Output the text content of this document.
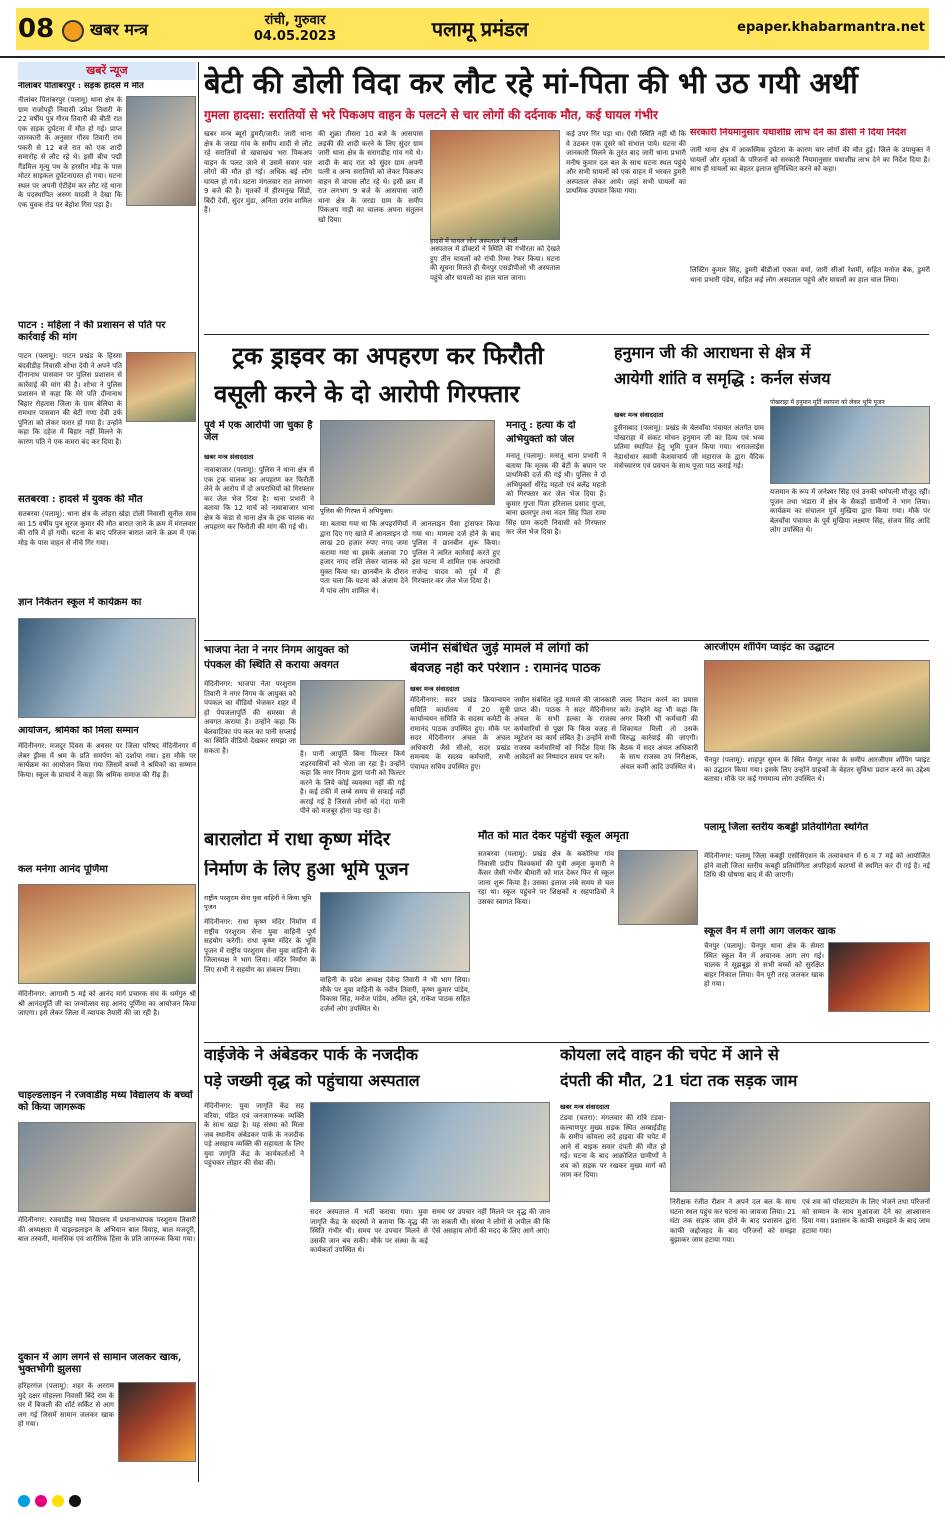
08 खबर मन्त्र	रांची, गुरुवार
04.05.2023	पलामू प्रमंडल	epaper.khabarmantra.net
खबरें न्यूज
नीलांबर पीतांबरपुर : सड़क हादसे में मौत
नीलांबर पितांबरपुर (पलामू) थाना क्षेत्र के ग्राम राजोपट्टी निवासी उमेश तिवारी के 22 वर्षीय पुत्र गौरव तिवारी की बीती रात एक सड़क दुर्घटना में मौत हो गई। प्राप्त जानकारी के अनुसार गौरव तिवारी राम पकरी से 12 बजे रात को एक शादी समारोह से लौट रहे थे। इसी बीच पद्मी गैंडमिल मृत्यु पथ के हरसीन मोड़ के पास मोटर साइकल दुर्घटनाग्रस्त हो गया। घटना स्थल पर अपनी ऐटीहेम कर लौट रहे थाना के पदस्थापित अरुण यादवी ने देखा कि एक युवक रोड पर बेहोश गिरा पड़ा है।
पाटन : महिला ने की प्रशासन से पति पर कार्रवाई की मांग
पाटन (पलामू): पाटन प्रखंड के हिस्सा बंदवीडीह निवासी शोभा देवी ने अपने पति दीनानाथ पासवान पर पुलिस प्रशासन से कार्रवाई की मांग की है। शोभा ने पुलिस प्रशासन से कहा कि मेरे पति दीनानाथ बिहार रोहतास जिला के ग्राम बेलिया के रामधार पासवान की बेटी गणा देवी उर्फ पुनिता को लेकर फरार हो गया है। उन्होंने कहा कि दहेज में बिहार नहीं मिलने के कारण पति ने एक कमरा बंद कर दिया है।
सतबरवा : हादसे में युवक की मौत
सतबरवा (पलामू): थाना क्षेत्र के लोहरा खेड़ा टोली निवासी सुनील साव का 15 वर्षीय पुत्र सूरज कुमार की मौत बारात जाने के क्रम में मंगलवार की रात्रि में हो गयी। घटना के बाद परिजन बारात जाने के क्रम में एक मोड़ के पास वाहन से नीचे गिर गया।
ज्ञान निकेतन स्कूल में कार्यक्रम का
आयोजन, श्रमिकों को मिला सम्मान
मेदिनीनगर: मजदूर दिवस के अवसर पर जिला परिषद मेदिनीनगर में लेबर ड्रीम्स में श्रम के प्रति समर्पण को दर्शाया गया। इस मौके पर कार्यक्रम का आयोजन किया गया जिसमें बच्चों ने श्रमिकों का सम्मान किया। स्कूल के प्राचार्य ने कहा कि श्रमिक समाज की रीढ़ हैं।
कल मनेगा आनंद पूर्णिमा
मेदिनीनगर: आगामी 5 मई को आनंद मार्ग प्रचारक संघ के धर्मगुरु श्री श्री आनंदमूर्ति जी का जन्मोत्सव सह आनंद पूर्णिमा का आयोजन किया जाएगा। इसे लेकर जिला में व्यापक तैयारी की जा रही है।
चाइल्डलाइन ने रजवाडीह मध्य विद्यालय के बच्चों को किया जागरूक
मेदिनीनगर: रजवाडीह मध्य विद्यालय में प्रधानाध्यापक परशुराम तिवारी की अध्यक्षता में चाइल्डलाइन के अभियान बाल विवाह, बाल मजदूरी, बाल तस्करी, मानसिक एवं शारीरिक हिंसा के प्रति जागरूक किया गया।
दुकान में आग लगने से सामान जलकर खाक, भुक्तभोगी झुलसा
हरिहरगंज (पलामू): शहर के अरराम मुदे दक्षर मोहल्ला निवासी बिंदे राम के घर में बिजली की शॉर्ट सर्किट से आग लग गई जिसमें सामान जलकर खाक हो गया।
बेटी की डोली विदा कर लौट रहे मां-पिता की भी उठ गयी अर्थी
गुमला हादसा: सरातियों से भरे पिकअप वाहन के पलटने से चार लोगों की दर्दनाक मौत, कई घायल गंभीर
खबर मन्त्र ब्यूरो डुमरी/जारी। जारी थाना क्षेत्र के जरडा गांव के समीप शादी से लौट रहे सरातियों से खचाखच भरा पिकअप वाहन के पलट जाने से उसमें सवार चार लोगों की मौत हो गई। अधिक बई लोग घायल हो गये। घटना मंगलवार रात लगभग 9 बजे की है। मृतकों में हीरमनुख सिंडो, बिंदी देवी, सुंदर मुंडा, अनिता उरांव शामिल हैं।
की शुक्रा तीसरा 10 बजे के आसपास लड़की की शादी करने के लिए सुंदर ग्राम जारी थाना क्षेत्र के सरागडीह गांव गये थे। शादी के बाद रात को सुंदर ग्राम अपनी पत्नी व अन्य सरातियों को लेकर पिकअप वाहन से वापस लौट रहे थे। इसी क्रम में रात लगभग 9 बजे के आसपास जारी थाना क्षेत्र के जरडा ग्राम के समीप पिकअप गाड़ी का चालक अपना संतुलन खो दिया।
कई उपर गिर पड़ा था। ऐसी स्थिति नहीं थी कि वे उठकर एक दूसरे को संभाल पाये। घटना की जानकारी मिलने के तुरंत बाद जारी थाना प्रभारी मनीष कुमार दल बल के साथ घटना स्थल पहुंचे और सभी घायलों को एक वाहन में भरकर डुमरी अस्पताल लेकर आये। जहां सभी घायलों का प्राथमिक उपचार किया गया।
अस्पताल में डॉक्टरों ने स्थिति की गंभीरता को देखते हुए तीन घायलों को रांची रिम्स रेफर किया। घटना की सूचना मिलते ही चैनपुर एसडीपीओ भी अस्पताल पहुंचे और घायलों का हाल चाल जाना।
हादसे में घायल लोग अस्पताल में भर्ती
सरकारी नियमानुसार यथाशीघ्र लाभ देने का डीसी ने दिया निर्देश
जारी थाना क्षेत्र में आकस्मिक दुर्घटना के कारण चार लोगों की मौत हुई। जिले के उपायुक्त ने घायलों और मृतकों के परिजनों को सरकारी नियमानुसार यथाशीघ्र लाभ देने का निर्देश दिया है। साथ ही घायलों का बेहतर इलाज सुनिश्चित करने को कहा।
लिस्टिंग कुमार सिंह, डुमरी बीडीओ एकता वर्मा, जारी सीओ रेशमी, सहित मनोज बेक, डुमरी थाना प्रभारी पंडेय, सहित कई लोग अस्पताल पहुंचे और घायलों का हाल चाल लिया।
ट्रक ड्राइवर का अपहरण कर फिरौती
वसूली करने के दो आरोपी गिरफ्तार
पूर्व में एक आरोपी जा चुका है जेल
खबर मन्त्र संवाददाता
पुलिस की गिरफ्त में अभियुक्त।
नावाबाजार (पलामू): पुलिस ने थाना क्षेत्र से एक ट्रक चालक का अपहरण कर फिरौती लेने के आरोप में दो अपराधियों को गिरफ्तार कर जेल भेज दिया है। थाना प्रभारी ने बताया कि 12 मार्च को नावाबाजार थाना क्षेत्र के कंडा से थाना क्षेत्र के ट्रक चालक का अपहरण कर फिरौती की मांग की गई थी।	मा। बताया गया था कि अपहरणियों द्वारा दिए गए खाते में आनलाइन दो लाख 20 हजार रुपए नगद जमा कराया गया था इसके अलावा 70 हजार नगद राशि लेकर चालक को मुक्त किया था। छानबीन के दौरान पता चला कि घटना को अंजाम देने में पांच लोग शामिल थे।
में आनलाइन पैसा ट्रांसफर किया गया था। मामला दर्ज होने के बाद पुलिस ने छानबीन शुरू किया। पुलिस ने त्वरित कार्रवाई करते हुए इस घटना में शामिल एक अपराधी राजेन्द्र यादव को पूर्व में ही गिरफ्तार कर जेल भेज दिया है।
मनातू : हत्या के दो
अभियुक्तों को जेल
मनातू (पलामू): मनातू थाना प्रभारी ने बताया कि मृतक की बेटी के बयान पर प्राथमिकी दर्ज की गई थी। पुलिस ने दो अभियुक्तों धीरेंद्र महतो एवं बलेंद्र महतो को गिरफ्तार कर जेल भेज दिया है। कुमार गुप्ता पिता हरिलाल प्रसाद गुप्ता, बाना छतरपुर तथा नंदन सिंह पिता रामा सिंह ग्राम कदरी निवासी को गिरफ्तार कर जेल भेज दिया है।
हनुमान जी की आराधना से क्षेत्र में
आयेगी शांति व समृद्धि : कर्नल संजय
खबर मन्त्र संवाददाता
पोखराहा में हनुमान मूर्ति स्थापना को लेकर भूमि पूजन
हुसैनाबाद (पलामू): प्रखंड के बेलवाँवा पंचायत अंतर्गत ग्राम पोखराहा में संकट मोचन हनुमान जी का दिव्य एवं भव्य प्रतिमा स्थापित हेतु भूमि पूजन किया गया। धरातलाईस नेडाधोधार स्वामी केशवाचार्य जी महाराज के द्वारा वैदिक मंत्रोच्चारण एवं प्रवचन के साथ पूजा पाठ कराई गई।
यजमान के रूप में जनेश्वर सिंह एवं उनकी धर्मपत्नी मौजूद रहीं। पूजन तथा भंडारा में क्षेत्र के सैकड़ों ग्रामीणों ने भाग लिया। कार्यक्रम का संचालन पूर्व मुखिया द्वारा किया गया। मौके पर बेलवाँवा पंचायत के पूर्व मुखिया लक्ष्मण सिंह, संजय सिंह आदि लोग उपस्थित थे।
भाजपा नेता ने नगर निगम आयुक्त को
पंपकल की स्थिति से कराया अवगत
मेदिनीनगर: भाजपा नेता परशुराम तिवारी ने नगर निगम के आयुक्त को पंपकल का वीडियो भेजकर शहर में हो पेयजलापूर्ति की समस्या से अवगत कराया है। उन्होंने कहा कि बेलवाटिका पंप कल का पानी सप्लाई का स्थिति वीडियो देखकर समझा जा सकता है।	है। पानी आपूर्ति बिना फिल्टर किये शहरवासियों को भेजा जा रहा है। उन्होंने कहा कि नगर निगम द्वारा पानी को फिल्टर करने के लिये कोई व्यवस्था नहीं की गई है। कई टंकी में लम्बे समय से सफाई नहीं कराई गई है जिससे लोगों को गंदा पानी पीने को मजबूर होना पड़ रहा है।
जमीन संबंधित जुड़े मामले में लोगों को
बेवजह नहीं करें परेशान : रामानंद पाठक
खबर मन्त्र संवाददाता
मेदिनीनगर: सदर प्रखंड क्रियान्वयन समिति कार्यालय में 20 सूत्री कार्यान्वयन समिति के सदस्य कमेटी के रामानंद पाठक उपस्थित हुए। मौके पर सदर मेदिनीनगर अंचल के अंचल अधिकारी जैसे सीओ, सदर प्रखंड समन्वय के सदस्य कर्मचारी, सभी पंचायत सचिव उपस्थित हुए।
जमीन संबंधित जुड़े मामले की जानकारी प्राप्त की। पाठक ने सदर मेदिनीनगर अंचल के सभी हल्का के राजस्व कर्मचारियों से पूछा कि किस वजह से म्यूटेशन का कार्य लंबित है। उन्होंने सभी राजस्व कर्मचारियों को निर्देश दिया कि आवेदनों का निष्पादन समय पर करें।
जल्द निदान करने का प्रयास करें। उन्होंने यह भी कहा कि अगर किसी भी कर्मचारी की शिकायत मिली तो उसके विरुद्ध कार्रवाई की जाएगी। बैठक में सदर अंचल अधिकारी के साथ राजस्व उप निरीक्षक, अंचल कर्मी आदि उपस्थित थे।
आरजीएम शॉपिंग प्वाइंट का उद्घाटन
चैनपुर (पलामू): शाहपुर सुमन के स्थित चैनपुर नाका के समीप आरजीएम शॉपिंग प्वाइंट का उद्घाटन किया गया। इसके लिए उन्होंने ग्राहकों के बेहतर सुविधा प्रदान करने का उद्देश्य बताया। मौके पर कई गणमान्य लोग उपस्थित थे।
पलामू जिला स्तरीय कबड्डी प्रतियोगिता स्थगित
मेदिनीनगर: पलामू जिला कबड्डी एसोसिएशन के तत्वावधान में 6 व 7 मई को आयोजित होने वाली जिला स्तरीय कबड्डी प्रतियोगिता अपरिहार्य कारणों से स्थगित कर दी गई है। नई तिथि की घोषणा बाद में की जाएगी।
स्कूल वैन में लगी आग जलकर खाक
चैनपुर (पलामू): चैनपुर थाना क्षेत्र के सेमरा स्थित स्कूल वैन में अचानक आग लग गई। चालक ने सूझबूझ से सभी बच्चों को सुरक्षित बाहर निकाल लिया। वैन पूरी तरह जलकर खाक हो गया।
बारालोटा में राधा कृष्ण मंदिर
निर्माण के लिए हुआ भूमि पूजन
राष्ट्रीय परशुराम सेना युवा वाहिनी ने किया भूमि पूजन
मेदिनीनगर: राधा कृष्ण मंदिर निर्माण में राष्ट्रीय परशुराम सेना युवा वाहिनी पूर्ण सहयोग करेगी। राधा कृष्ण मंदिर के भूमि पूजन में राष्ट्रीय परशुराम सेना युवा वाहिनी के जिलाध्यक्ष ने भाग लिया। मंदिर निर्माण के लिए सभी ने सहयोग का संकल्प लिया।
वाहिनी के प्रदेश अध्यक्ष देवेन्द्र तिवारी ने भी भाग लिया। मौके पर युवा वाहिनी के नवीन तिवारी, कृष्ण कुमार पांडेय, विकास सिंह, मनोज पांडेय, अमित दुबे, राकेश पाठक सहित दर्जनों लोग उपस्थित थे।
मौत को मात देकर पहुंची स्कूल अमृता
सतबरवा (पलामू): प्रखंड क्षेत्र के बकोरिया गांव निवासी प्रदीप विश्वकर्मा की पुत्री अमृता कुमारी ने कैंसर जैसी गंभीर बीमारी को मात देकर फिर से स्कूल जाना शुरू किया है। उसका इलाज लंबे समय से चल रहा था। स्कूल पहुंचने पर शिक्षकों व सहपाठियों ने उसका स्वागत किया।
वाईजेके ने अंबेडकर पार्क के नजदीक
पड़े जख्मी वृद्ध को पहुंचाया अस्पताल
मेदिनीनगर: युवा जागृति केंद्र सह वरिया, पंडित एवं जनजागरूक व्यक्ति के साथ खड़ा है। यह संस्था को मिला जब स्थानीय अंबेडकर पार्क के नजदीक पड़े असहाय व्यक्ति की सहायता के लिए युवा जागृति केंद्र के कार्यकर्ताओं ने पहुंचकर लोहार की सेवा की।
सदर अस्पताल में भर्ती कराया गया। युवा जागृति केंद्र के सदस्यों ने बताया कि वृद्ध की स्थिति गंभीर थी। समय पर उपचार मिलने से उसकी जान बच सकी। मौके पर संस्था के कई कार्यकर्ता उपस्थित थे।
समय पर उपचार नहीं मिलने पर वृद्ध की जान जा सकती थी। संस्था ने लोगों से अपील की कि ऐसे असहाय लोगों की मदद के लिए आगे आएं।
कोयला लदे वाहन की चपेट में आने से
दंपती की मौत, 21 घंटा तक सड़क जाम
खबर मन्त्र संवाददाता
टंडवा (चतरा): मंगलवार की रात्रि टंडवा-कल्याणपुर मुख्य सड़क स्थित अम्बाईडीह के समीप कोयला लदे हाइवा की चपेट में आने से बाइक सवार दंपती की मौत हो गई। घटना के बाद आक्रोशित ग्रामीणों ने शव को सड़क पर रखकर मुख्य मार्ग को जाम कर दिया।
निरीक्षक रंजीत रौशन ने अपने दल बल के साथ घटना स्थल पहुंच कर घटना का जायजा लिया। 21 घंटा तक सड़क जाम होने के बाद प्रशासन द्वारा काफी जद्दोजहद के बाद परिजनों को समझा बुझाकर जाम हटाया गया।
एवं शव को पोस्टमार्टम के लिए भेजने तथा परिजनों को सम्मान के साथ मुआवजा देने का आश्वासन दिया गया। प्रशासन के काफी समझाने के बाद जाम हटाया गया।
